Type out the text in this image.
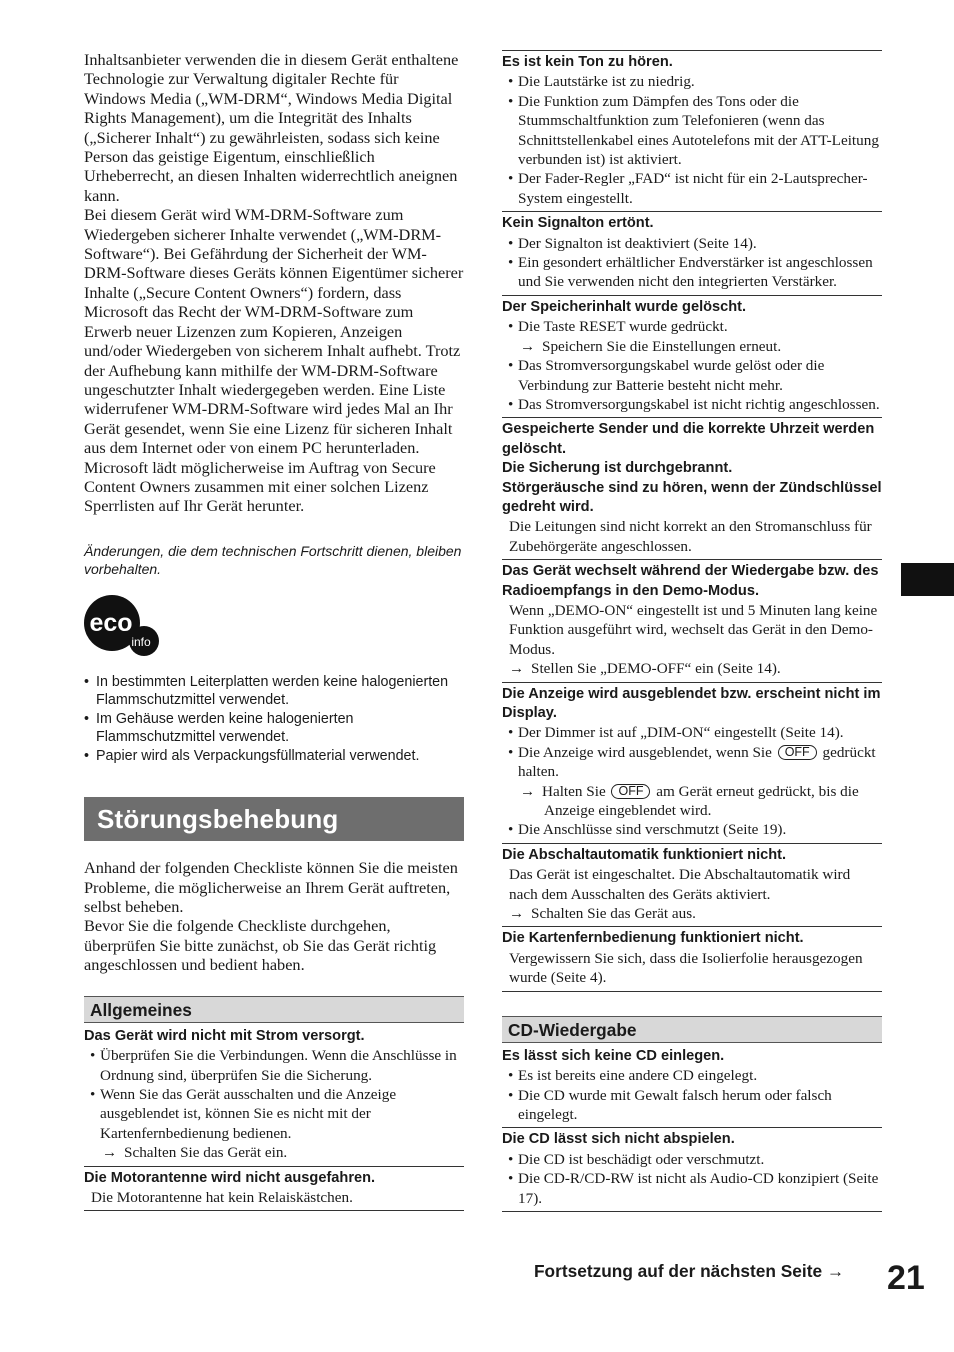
Inhaltsanbieter verwenden die in diesem Gerät enthaltene Technologie zur Verwaltung digitaler Rechte für Windows Media („WM-DRM“, Windows Media Digital Rights Management), um die Integrität des Inhalts („Sicherer Inhalt“) zu gewährleisten, sodass sich keine Person das geistige Eigentum, einschließlich Urheberrecht, an diesen Inhalten widerrechtlich aneignen kann.

Bei diesem Gerät wird WM-DRM-Software zum Wiedergeben sicherer Inhalte verwendet („WM-DRM-Software“). Bei Gefährdung der Sicherheit der WM-DRM-Software dieses Geräts können Eigentümer sicherer Inhalte („Secure Content Owners“) fordern, dass Microsoft das Recht der WM-DRM-Software zum Erwerb neuer Lizenzen zum Kopieren, Anzeigen und/oder Wiedergeben von sicherem Inhalt aufhebt. Trotz der Aufhebung kann mithilfe der WM-DRM-Software ungeschutzter Inhalt wiedergegeben werden. Eine Liste widerrufener WM-DRM-Software wird jedes Mal an Ihr Gerät gesendet, wenn Sie eine Lizenz für sicheren Inhalt aus dem Internet oder von einem PC herunterladen. Microsoft lädt möglicherweise im Auftrag von Secure Content Owners zusammen mit einer solchen Lizenz Sperrlisten auf Ihr Gerät herunter.

Änderungen, die dem technischen Fortschritt dienen, bleiben vorbehalten.

eco
info
• In bestimmten Leiterplatten werden keine halogenierten Flammschutzmittel verwendet.
• Im Gehäuse werden keine halogenierten Flammschutzmittel verwendet.
• Papier wird als Verpackungsfüllmaterial verwendet.
Störungsbehebung

Anhand der folgenden Checkliste können Sie die meisten Probleme, die möglicherweise an Ihrem Gerät auftreten, selbst beheben.

Bevor Sie die folgende Checkliste durchgehen, überprüfen Sie bitte zunächst, ob Sie das Gerät richtig angeschlossen und bedient haben.

Allgemeines

Das Gerät wird nicht mit Strom versorgt.

• Überprüfen Sie die Verbindungen. Wenn die Anschlüsse in Ordnung sind, überprüfen Sie die Sicherung.

• Wenn Sie das Gerät ausschalten und die Anzeige ausgeblendet ist, können Sie es nicht mit der Kartenfernbedienung bedienen.

→ Schalten Sie das Gerät ein.

Die Motorantenne wird nicht ausgefahren.

Die Motorantenne hat kein Relaiskästchen.

Es ist kein Ton zu hören.

• Die Lautstärke ist zu niedrig.

• Die Funktion zum Dämpfen des Tons oder die Stummschaltfunktion zum Telefonieren (wenn das Schnittstellenkabel eines Autotelefons mit der ATT-Leitung verbunden ist) ist aktiviert.

• Der Fader-Regler „FAD“ ist nicht für ein 2-Lautsprecher-System eingestellt.

Kein Signalton ertönt.

• Der Signalton ist deaktiviert (Seite 14).

• Ein gesondert erhältlicher Endverstärker ist angeschlossen und Sie verwenden nicht den integrierten Verstärker.

Der Speicherinhalt wurde gelöscht.

• Die Taste RESET wurde gedrückt.

→ Speichern Sie die Einstellungen erneut.

• Das Stromversorgungskabel wurde gelöst oder die Verbindung zur Batterie besteht nicht mehr.

• Das Stromversorgungskabel ist nicht richtig angeschlossen.

Gespeicherte Sender und die korrekte Uhrzeit werden gelöscht.

Die Sicherung ist durchgebrannt.

Störgeräusche sind zu hören, wenn der Zündschlüssel gedreht wird.

Die Leitungen sind nicht korrekt an den Stromanschluss für Zubehörgeräte angeschlossen.

Das Gerät wechselt während der Wiedergabe bzw. des Radioempfangs in den Demo-Modus.

Wenn „DEMO-ON“ eingestellt ist und 5 Minuten lang keine Funktion ausgeführt wird, wechselt das Gerät in den Demo-Modus.

→ Stellen Sie „DEMO-OFF“ ein (Seite 14).

Die Anzeige wird ausgeblendet bzw. erscheint nicht im Display.

• Der Dimmer ist auf „DIM-ON“ eingestellt (Seite 14).

• Die Anzeige wird ausgeblendet, wenn Sie OFF gedrückt halten.

→ Halten Sie OFF am Gerät erneut gedrückt, bis die Anzeige eingeblendet wird.

• Die Anschlüsse sind verschmutzt (Seite 19).

Die Abschaltautomatik funktioniert nicht.

Das Gerät ist eingeschaltet. Die Abschaltautomatik wird nach dem Ausschalten des Geräts aktiviert.

→ Schalten Sie das Gerät aus.

Die Kartenfernbedienung funktioniert nicht.

Vergewissern Sie sich, dass die Isolierfolie herausgezogen wurde (Seite 4).

CD-Wiedergabe

Es lässt sich keine CD einlegen.

• Es ist bereits eine andere CD eingelegt.

• Die CD wurde mit Gewalt falsch herum oder falsch eingelegt.

Die CD lässt sich nicht abspielen.

• Die CD ist beschädigt oder verschmutzt.

• Die CD-R/CD-RW ist nicht als Audio-CD konzipiert (Seite 17).

Fortsetzung auf der nächsten Seite → 21
